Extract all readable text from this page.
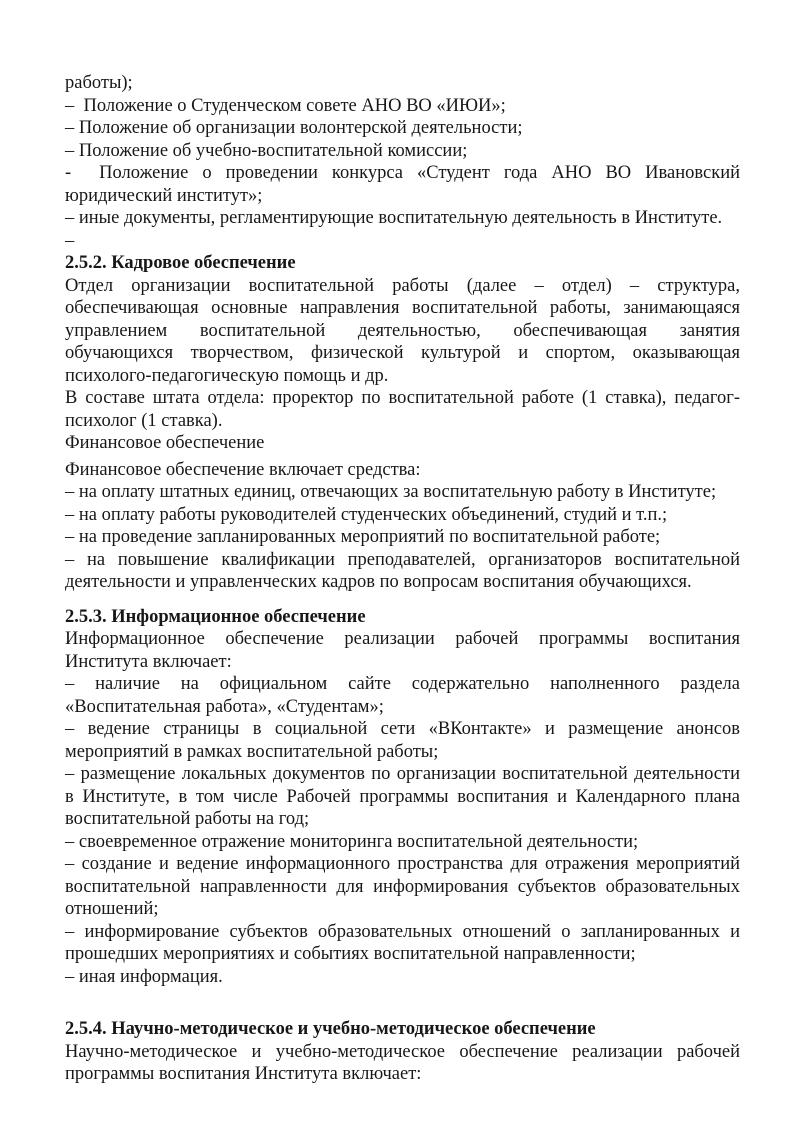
работы);

–  Положение о Студенческом совете АНО ВО «ИЮИ»;

– Положение об организации волонтерской деятельности;

– Положение об учебно-воспитательной комиссии;

-  Положение о проведении конкурса «Студент года АНО ВО Ивановский юридический институт»;

– иные документы, регламентирующие воспитательную деятельность в Институте.

–

2.5.2. Кадровое обеспечение

Отдел организации воспитательной работы (далее – отдел) – структура, обеспечивающая основные направления воспитательной работы, занимающаяся управлением воспитательной деятельностью, обеспечивающая занятия обучающихся творчеством, физической культурой и спортом, оказывающая психолого-педагогическую помощь и др.

В составе штата отдела: проректор по воспитательной работе (1 ставка), педагог-психолог (1 ставка).

Финансовое обеспечение

Финансовое обеспечение включает средства:

– на оплату штатных единиц, отвечающих за воспитательную работу в Институте;

– на оплату работы руководителей студенческих объединений, студий и т.п.;

– на проведение запланированных мероприятий по воспитательной работе;

– на повышение квалификации преподавателей, организаторов воспитательной деятельности и управленческих кадров по вопросам воспитания обучающихся.

2.5.3. Информационное обеспечение

Информационное обеспечение реализации рабочей программы воспитания Института включает:

– наличие на официальном сайте содержательно наполненного раздела «Воспитательная работа», «Студентам»;

– ведение страницы в социальной сети «ВКонтакте» и размещение анонсов мероприятий в рамках воспитательной работы;

– размещение локальных документов по организации воспитательной деятельности в Институте, в том числе Рабочей программы воспитания и Календарного плана воспитательной работы на год;

– своевременное отражение мониторинга воспитательной деятельности;

– создание и ведение информационного пространства для отражения мероприятий воспитательной направленности для информирования субъектов образовательных отношений;

– информирование субъектов образовательных отношений о запланированных и прошедших мероприятиях и событиях воспитательной направленности;

– иная информация.

2.5.4. Научно-методическое и учебно-методическое обеспечение

Научно-методическое и учебно-методическое обеспечение реализации рабочей программы воспитания Института включает:
